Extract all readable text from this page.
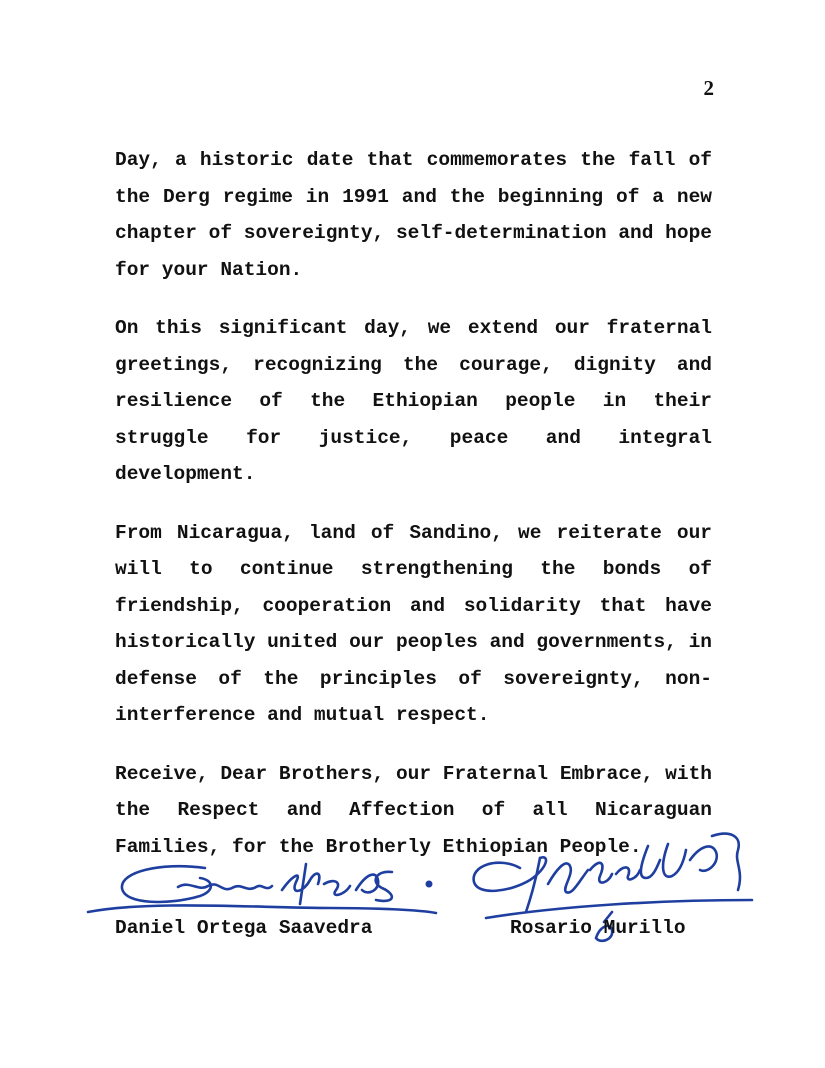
2

Day, a historic date that commemorates the fall of the Derg regime in 1991 and the beginning of a new chapter of sovereignty, self-determination and hope for your Nation.

On this significant day, we extend our fraternal greetings, recognizing the courage, dignity and resilience of the Ethiopian people in their struggle for justice, peace and integral development.

From Nicaragua, land of Sandino, we reiterate our will to continue strengthening the bonds of friendship, cooperation and solidarity that have historically united our peoples and governments, in defense of the principles of sovereignty, non-interference and mutual respect.

Receive, Dear Brothers, our Fraternal Embrace, with the Respect and Affection of all Nicaraguan Families, for the Brotherly Ethiopian People.

Daniel Ortega Saavedra	Rosario Murillo
